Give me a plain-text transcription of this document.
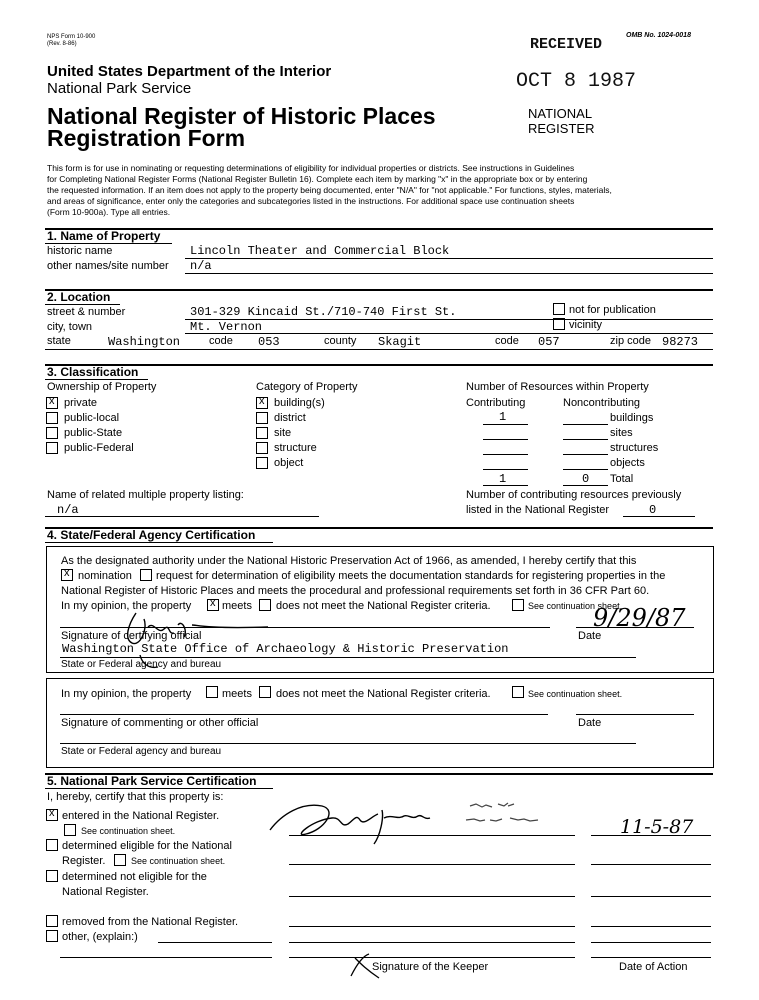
NPS Form 10-900
(Rev. 8-86)
OMB No. 1024-0018
RECEIVED
OCT 8 1987
NATIONAL
REGISTER
United States Department of the Interior
National Park Service
National Register of Historic Places
Registration Form
This form is for use in nominating or requesting determinations of eligibility for individual properties or districts. See instructions in Guidelines
for Completing National Register Forms (National Register Bulletin 16). Complete each item by marking "x" in the appropriate box or by entering
the requested information. If an item does not apply to the property being documented, enter "N/A" for "not applicable." For functions, styles, materials,
and areas of significance, enter only the categories and subcategories listed in the instructions. For additional space use continuation sheets
(Form 10-900a). Type all entries.
1. Name of Property
historic name	Lincoln Theater and Commercial Block
other names/site number n/a
2. Location
street & number	301-329 Kincaid St./710-740 First St.	not for publication
city, town	Mt. Vernon	vicinity
state	Washington	code 053	county Skagit	code 057	zip code 98273
3. Classification
Ownership of Property
x
private
public-local
public-State
public-Federal
Category of Property
x
building(s)
district
site
structure
object
Number of Resources within Property
Contributing	Noncontributing
1	buildings
sites
structures
objects
1	0 Total
Name of related multiple property listing:
n/a
Number of contributing resources previously
listed in the National Register	0
4. State/Federal Agency Certification
As the designated authority under the National Historic Preservation Act of 1966, as amended, I hereby certify that this
x
nomination request for determination of eligibility meets the documentation standards for registering properties in the
National Register of Historic Places and meets the procedural and professional requirements set forth in 36 CFR Part 60.
In my opinion, the property
x	meets does not meet the National Register criteria.	See continuation sheet.
Signature of certifying official
9/29/87
Date
Washington State Office of Archaeology & Historic Preservation
State or Federal agency and bureau
In my opinion, the property	meets does not meet the National Register criteria.	See continuation sheet.
Signature of commenting or other official	Date
State or Federal agency and bureau
5. National Park Service Certification
I, hereby, certify that this property is:
x
entered in the National Register.
See continuation sheet.
determined eligible for the National
Register.	See continuation sheet.
determined not eligible for the
National Register.
removed from the National Register.
other, (explain:)
11-5-87
Signature of the Keeper	Date of Action
